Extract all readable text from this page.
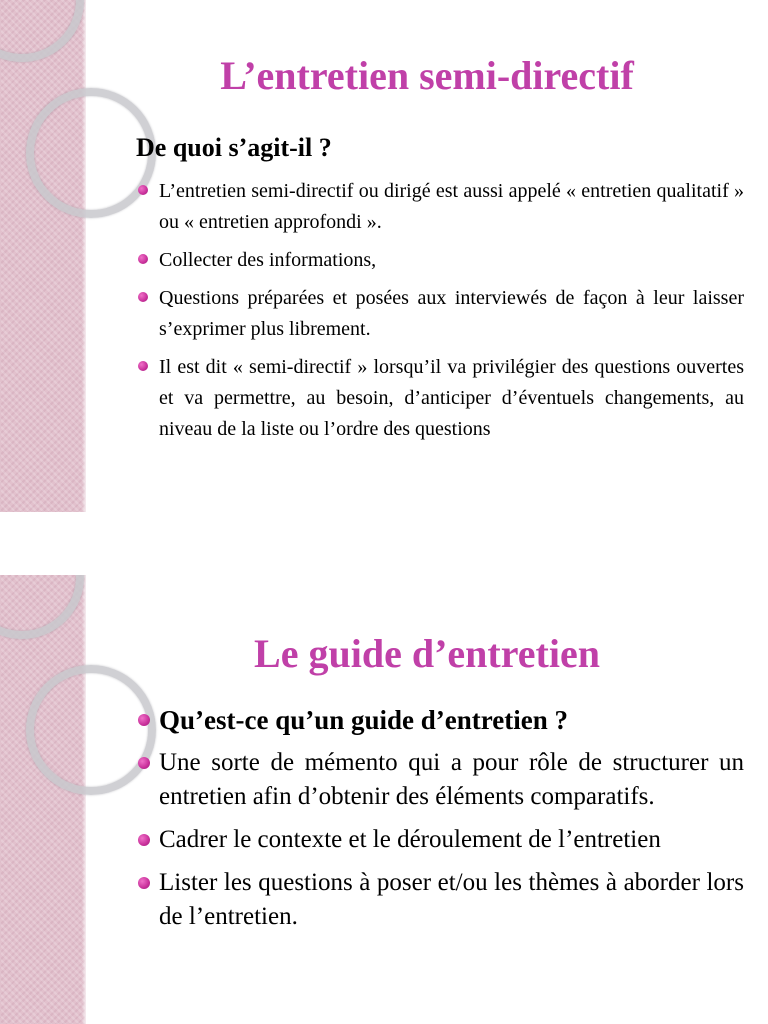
L’entretien semi-directif
De quoi s’agit-il ?
L’entretien semi-directif ou dirigé est aussi appelé « entretien qualitatif » ou « entretien approfondi ».
Collecter des informations,
Questions préparées et posées aux interviewés de façon à leur laisser s’exprimer plus librement.
Il est dit « semi-directif » lorsqu’il va privilégier des questions ouvertes et va permettre, au besoin, d’anticiper d’éventuels changements, au niveau de la liste ou l’ordre des questions
Le guide d’entretien
Qu’est-ce qu’un guide d’entretien ?
Une sorte de mémento qui a pour rôle de structurer un entretien afin d’obtenir des éléments comparatifs.
Cadrer le contexte et le déroulement de l’entretien
Lister les questions à poser et/ou les thèmes à aborder lors de l’entretien.
